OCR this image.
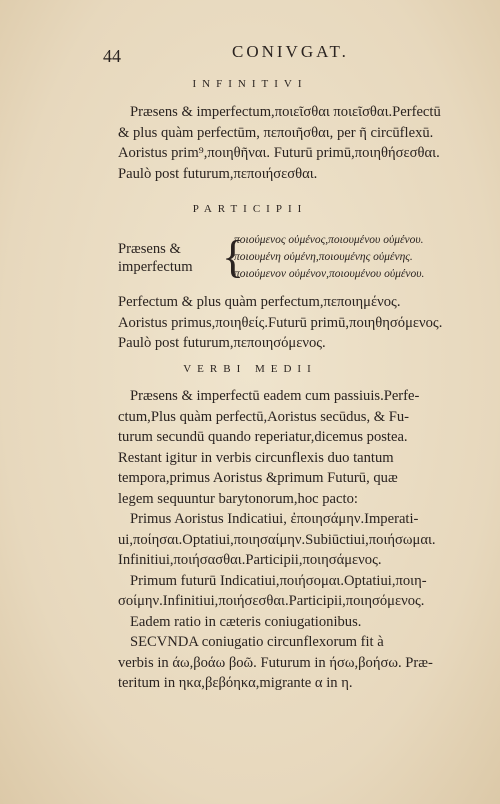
44	CONIVGAT.
INFINITIVI

Præsens & imperfectum,ποιεῖσθαι ποιεῖσθαι.Perfectū

& plus quàm perfectūm, πεποιῆσθαι, per ῆ circūflexū.

Aoristus prim⁹,ποιηθῆναι. Futurū primū,ποιηθήσεσθαι.

Paulò post futurum,πεποιήσεσθαι.

PARTICIPII
Præsens &
imperfectum {
ποιούμενος οὐμένος,ποιουμένου οὐμένου.
ποιουμένη οὐμένη,ποιουμένης οὐμένης.
ποιούμενον οὐμένον,ποιουμένου οὐμένου.

Perfectum & plus quàm perfectum,πεποιημένος.

Aoristus primus,ποιηθείς.Futurū primū,ποιηθησόμενος.

Paulò post futurum,πεποιησόμενος.

VERBI MEDII

Præsens & imperfectū eadem cum passiuis.Perfe-

ctum,Plus quàm perfectū,Aoristus secūdus, & Fu-

turum secundū quando reperiatur,dicemus postea.

Restant igitur in verbis circunflexis duo tantum

tempora,primus Aoristus &primum Futurū, quæ

legem sequuntur barytonorum,hoc pacto:

Primus Aoristus Indicatiui, ἐποιησάμην.Imperati-

ui,ποίησαι.Optatiui,ποιησαίμην.Subiūctiui,ποιήσωμαι.

Infinitiui,ποιήσασθαι.Participii,ποιησάμενος.

Primum futurū Indicatiui,ποιήσομαι.Optatiui,ποιη-

σοίμην.Infinitiui,ποιήσεσθαι.Participii,ποιησόμενος.

Eadem ratio in cæteris coniugationibus.

SECVNDA coniugatio circunflexorum fit à

verbis in άω,βοάω βοῶ. Futurum in ήσω,βοήσω. Præ-

teritum in ηκα,βεβόηκα,migrante α in η.
